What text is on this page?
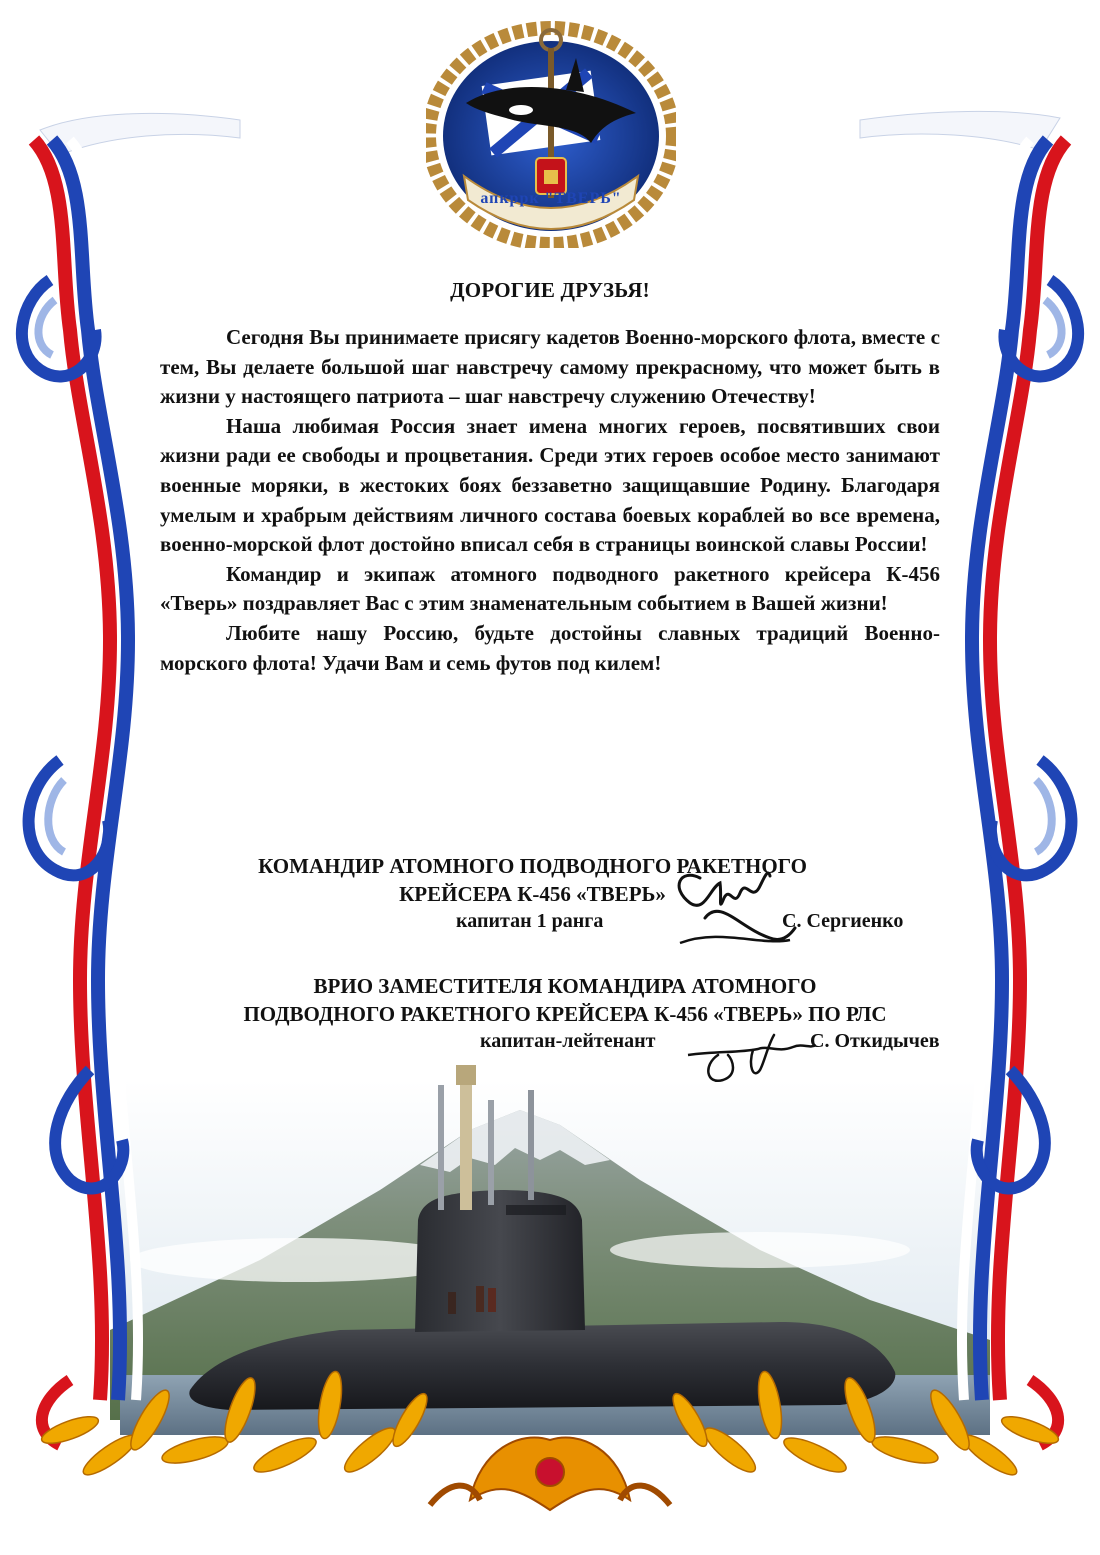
апкррк "ТВЕРЬ"

ДОРОГИЕ ДРУЗЬЯ!

Сегодня Вы принимаете присягу кадетов Военно-морского флота, вместе с тем, Вы делаете большой шаг навстречу самому прекрасному, что может быть в жизни у настоящего патриота – шаг навстречу служению Отечеству!

Наша любимая Россия знает имена многих героев, посвятивших свои жизни ради ее свободы и процветания. Среди этих героев особое место занимают военные моряки, в жестоких боях беззаветно защищавшие Родину. Благодаря умелым и храбрым действиям личного состава боевых кораблей во все времена, военно-морской флот достойно вписал себя в страницы воинской славы России!

Командир и экипаж атомного подводного ракетного крейсера К-456 «Тверь» поздравляет Вас с этим знаменательным событием в Вашей жизни!

Любите нашу Россию, будьте достойны славных традиций Военно-морского флота! Удачи Вам и семь футов под килем!

КОМАНДИР АТОМНОГО ПОДВОДНОГО РАКЕТНОГО

КРЕЙСЕРА К-456 «ТВЕРЬ»

капитан 1 ранга	С. Сергиенко

ВРИО ЗАМЕСТИТЕЛЯ КОМАНДИРА АТОМНОГО

ПОДВОДНОГО РАКЕТНОГО КРЕЙСЕРА К-456 «ТВЕРЬ» ПО РЛС

капитан-лейтенант	С. Откидычев
